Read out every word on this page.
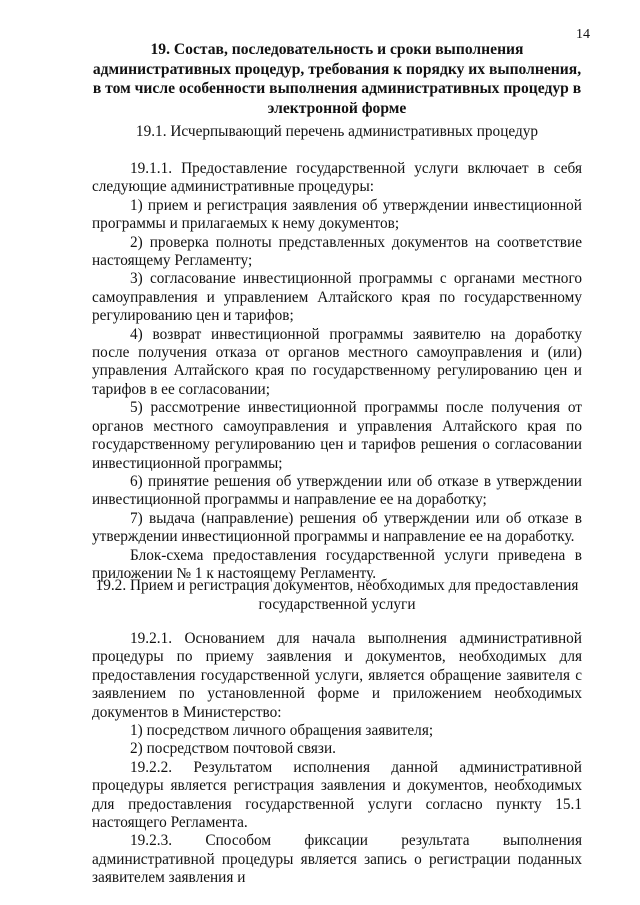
14
19. Состав, последовательность и сроки выполнения административных процедур, требования к порядку их выполнения, в том числе особенности выполнения административных процедур в электронной форме
19.1. Исчерпывающий перечень административных процедур

19.1.1. Предоставление государственной услуги включает в себя следующие административные процедуры:

1) прием и регистрация заявления об утверждении инвестиционной программы и прилагаемых к нему документов;

2) проверка полноты представленных документов на соответствие настоящему Регламенту;

3) согласование инвестиционной программы с органами местного самоуправления и управлением Алтайского края по государственному регулированию цен и тарифов;

4) возврат инвестиционной программы заявителю на доработку после получения отказа от органов местного самоуправления и (или) управления Алтайского края по государственному регулированию цен и тарифов в ее согласовании;

5) рассмотрение инвестиционной программы после получения от органов местного самоуправления и управления Алтайского края по государственному регулированию цен и тарифов решения о согласовании инвестиционной программы;

6) принятие решения об утверждении или об отказе в утверждении инвестиционной программы и направление ее на доработку;

7) выдача (направление) решения об утверждении или об отказе в утверждении инвестиционной программы и направление ее на доработку.

Блок-схема предоставления государственной услуги приведена в приложении № 1 к настоящему Регламенту.

19.2. Прием и регистрация документов, необходимых для предоставления государственной услуги

19.2.1. Основанием для начала выполнения административной процедуры по приему заявления и документов, необходимых для предоставления государственной услуги, является обращение заявителя с заявлением по установленной форме и приложением необходимых документов в Министерство:

1) посредством личного обращения заявителя;

2) посредством почтовой связи.

19.2.2. Результатом исполнения данной административной процедуры является регистрация заявления и документов, необходимых для предоставления государственной услуги согласно пункту 15.1 настоящего Регламента.

19.2.3. Способом фиксации результата выполнения административной процедуры является запись о регистрации поданных заявителем заявления и
